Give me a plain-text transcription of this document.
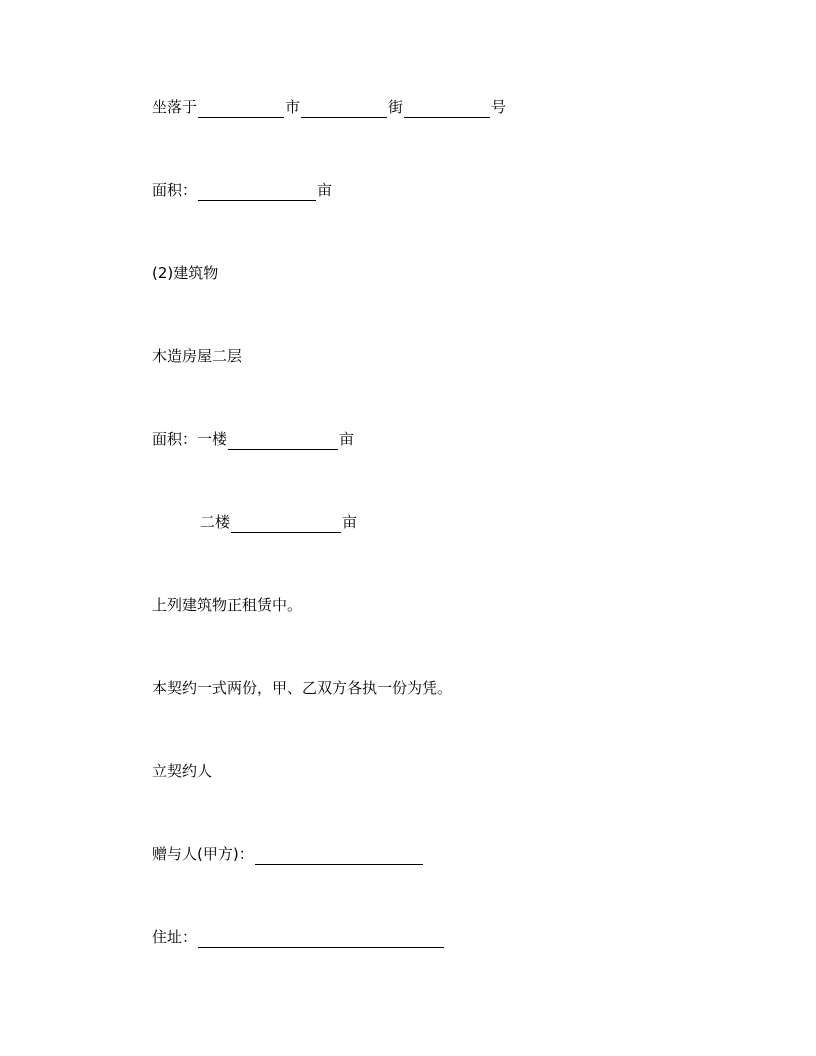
坐落于	市	街	号
面积：	亩
(2)建筑物
木造房屋二层
面积： 一楼	亩
二楼	亩
上列建筑物正租赁中。
本契约一式两份，甲、乙双方各执一份为凭。
立契约人
赠与人(甲方)：
住址：
